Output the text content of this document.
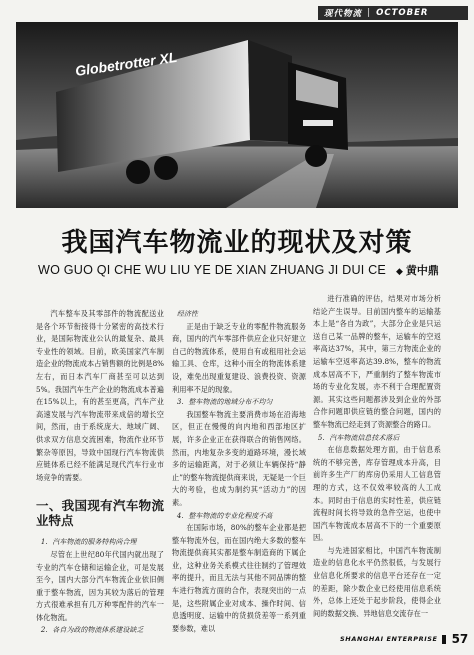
现代物流 | OCTOBER
Globetrotter XL
我国汽车物流业的现状及对策
WO GUO QI CHE WU LIU YE DE XIAN ZHUANG JI DUI CE ◆ 黄中鼎

汽车整车及其零部件的物流配送业是各个环节衔接得十分紧密的高技术行业，是国际物流业公认的最复杂、最具专业性的领域。目前，欧美国家汽车制造企业的物流成本占销售额的比例是8%左右，而日本汽车厂商甚至可以达到5%。我国汽车生产企业的物流成本普遍在15%以上，有的甚至更高，汽车产业高速发展与汽车物流带来成倍的增长空间，然而，由于系统庞大、地域广阔、供求双方信息交流困难，物流作业环节繁杂等原因，导致中国现行汽车物流供应链体系已经不能满足现代汽车行业市场竞争的需要。

一、我国现有汽车物流业特点

1．汽车物流的服务特构尚合理

尽管在上世纪80年代国内就出现了专业的汽车仓储和运输企业，可是发展至今，国内大部分汽车物流企业依旧侧重于整车物流，因为其较为落后的管理方式很难承担有几万种零配件的汽车一体化物流。

2．各自为政的物流体系建设缺乏

经济性

正是由于缺乏专业的零配件物流服务商，国内的汽车零部件供应企业只好建立自己的物流体系，使用自有或租用社会运输工具、仓库，这种小而全的物流体系建设，难免出现重复建设、浪费投资、资源利用率不足的现象。

3．整车物流的地域分布不均匀

我国整车物流主要消费市场在沿海地区，但正在慢慢的向内地和西部地区扩展，许多企业正在获得联合的销售网络。然而，内地复杂多变的道路环境，漫长域多的运输距离，对于必须让车辆保持“静止”的整车物流提供商来说，无疑是一个巨大的考验，也成为制约其“活动力”的因素。

4．整车物流的专业化程度不高

在国际市场，80%的整车企业都是把整车物流外包，而在国内绝大多数的整车物流提供商其实都是整车制造商的下属企业，这种业务关系模式往往制约了管理效率的提升，而且无法与其他不同品牌的整车进行物流方面的合作，表现突出的一点是，这些附属企业对成本、操作时间、信息透明度、运输中的货损货差等一系列重要参数，难以

进行准确的评估，结果对市场分析结论产生误导。目前国内整车的运输基本上是“各自为政”，大部分企业是只运送自己某一品牌的整车，运输车的空返率高达37%，其中，第三方物流企业的运输车空返率高达39.8%，整车的物流成本居高不下，严重制约了整车物流市场的专业化发展，亦不利于合理配置资源。其实这些问题都涉及到企业的外部合作问题即供应链的整合问题，国内的整车物流已经走到了资源整合的路口。

5．汽车物流信息技术落后

在信息数据处理方面，由于信息系统的不够完善，库存管理成本升高，目前许多生产厂的库房仍采用人工信息管理的方式，这不仅效率较高的人工成本。同时由于信息的实时性差，供应链流程时间长将导致的急件空运，也使中国汽车物流成本居高不下的一个重要原因。

与先进国家相比，中国汽车物流制造业的信息化水平仍然很低，与发展行业信息化所要求的信息平台还存在一定的差距，除少数企业已经使用信息系统外，总体上还处于起步阶段，使得企业间的数据交换、异地信息交流存在一

SHANGHAI ENTERPRISE 57
